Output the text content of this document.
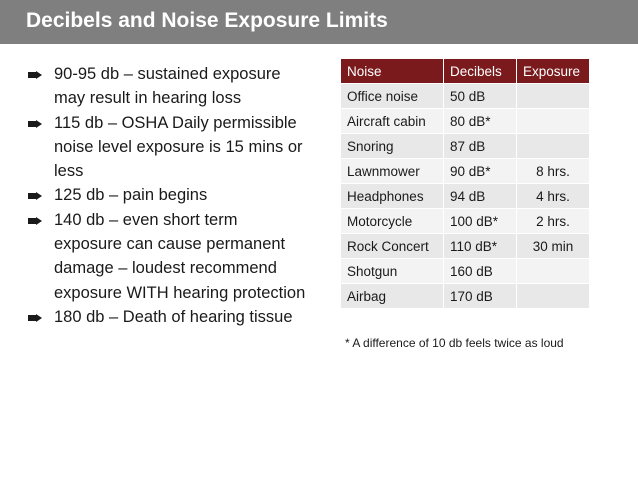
Decibels and Noise Exposure Limits
90-95 db – sustained exposure may result in hearing loss
115 db – OSHA Daily permissible noise level exposure is 15 mins or less
125 db – pain begins
140 db – even short term exposure can cause permanent damage – loudest recommend exposure WITH hearing protection
180 db – Death of hearing tissue
Noise	Decibels	Exposure
Office noise	50 dB	
Aircraft cabin	80 dB*	
Snoring	87 dB	
Lawnmower	90 dB*	8 hrs.
Headphones	94 dB	4 hrs.
Motorcycle	100 dB*	2 hrs.
Rock Concert	110 dB*	30 min
Shotgun	160 dB	
Airbag	170 dB	
* A difference of 10 db feels twice as loud
